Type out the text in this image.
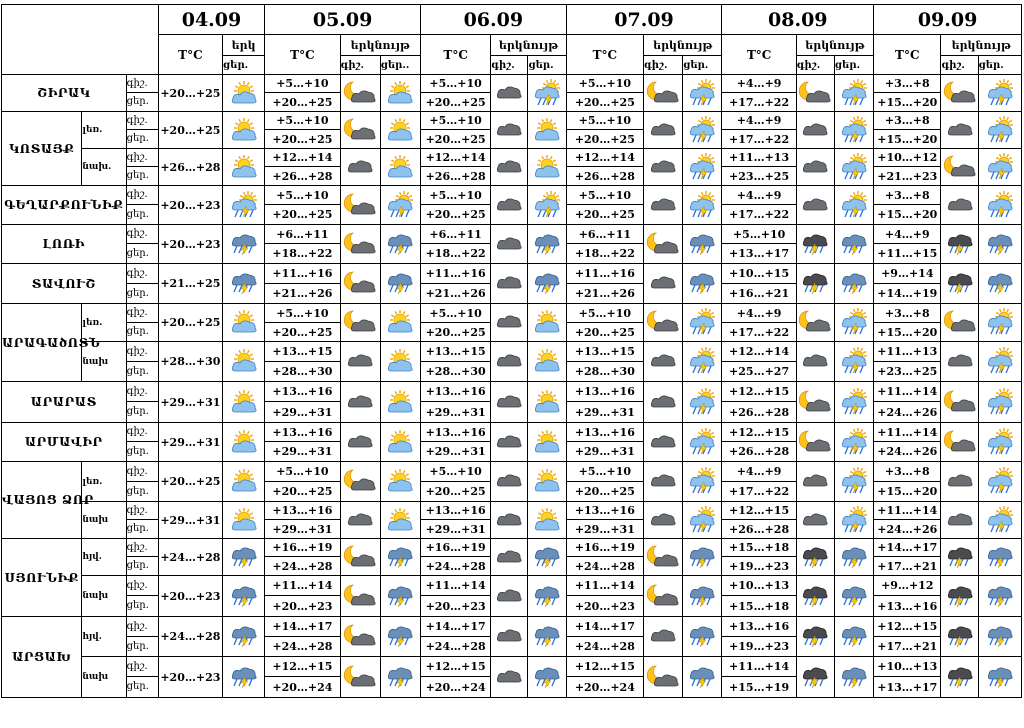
			04.09		05.09			06.09			07.09			08.09			09.09		
			T°C	երկ	T°C	երկնույթ		T°C	երկնույթ		T°C	երկնույթ		T°C	երկնույթ		T°C	երկնույթ	
				ցեր.		գիշ.	ցեր..		գիշ.	ցեր.		գիշ.	ցեր.		գիշ.	ցեր.		գիշ.	ցեր.
ՇԻՐԱԿ		գիշ.	+20…+25		+5…+10			+5…+10			+5…+10			+4…+9			+3…+8	

		ցեր.			+20…+25			+20…+25			+20…+25			+17…+22			+15…+20		
ԿՈՏԱՅՔ	լեռ.	գիշ.	+20…+25		+5…+10			+5…+10			+5…+10			+4…+9			+3…+8	

		ցեր.			+20…+25			+20…+25			+20…+25			+17…+22			+15…+20		
	նախ.	գիշ.	+26…+28		+12…+14			+12…+14			+12…+14			+11…+13			+10…+12	

		ցեր.			+26…+28			+26…+28			+26…+28			+23…+25			+21…+23		
ԳԵՂԱՐՔՈՒՆԻՔ		գիշ.	+20…+23		+5…+10			+5…+10			+5…+10			+4…+9			+3…+8	

		ցեր.			+20…+25			+20…+25			+20…+25			+17…+22			+15…+20		
ԼՈՌԻ		գիշ.	+20…+23		+6…+11			+6…+11			+6…+11			+5…+10			+4…+9	

		ցեր.			+18…+22			+18…+22			+18…+22			+13…+17			+11…+15		
ՏԱՎՈՒՇ		գիշ.	+21…+25		+11…+16			+11…+16			+11…+16			+10…+15			+9…+14	

		ցեր.			+21…+26			+21…+26			+21…+26			+16…+21			+14…+19		
ԱՐԱԳԱծՈՏՆ	լեռ.	գիշ.	+20…+25		+5…+10			+5…+10			+5…+10			+4…+9			+3…+8	

		ցեր.			+20…+25			+20…+25			+20…+25			+17…+22			+15…+20		
	նախ	գիշ.	+28…+30		+13…+15			+13…+15			+13…+15			+12…+14			+11…+13	

		ցեր.			+28…+30			+28…+30			+28…+30			+25…+27			+23…+25		
ԱՐԱՐԱՏ		գիշ.	+29…+31		+13…+16			+13…+16			+13…+16			+12…+15			+11…+14	

		ցեր.			+29…+31			+29…+31			+29…+31			+26…+28			+24…+26		
ԱՐՄԱՎԻՐ		գիշ.	+29…+31		+13…+16			+13…+16			+13…+16			+12…+15			+11…+14	

		ցեր.			+29…+31			+29…+31			+29…+31			+26…+28			+24…+26		
ՎԱՅՈՑ ՁՈՐ	լեռ.	գիշ.	+20…+25		+5…+10			+5…+10			+5…+10			+4…+9			+3…+8	

		ցեր.			+20…+25			+20…+25			+20…+25			+17…+22			+15…+20		
	նախ	գիշ.	+29…+31		+13…+16			+13…+16			+13…+16			+12…+15			+11…+14	

		ցեր.			+29…+31			+29…+31			+29…+31			+26…+28			+24…+26		
ՍՅՈՒՆԻՔ	հյվ.	գիշ.	+24…+28		+16…+19			+16…+19			+16…+19			+15…+18			+14…+17	

		ցեր.			+24…+28			+24…+28			+24…+28			+19…+23			+17…+21		
	նախ	գիշ.	+20…+23		+11…+14			+11…+14			+11…+14			+10…+13			+9…+12	

		ցեր.			+20…+23			+20…+23			+20…+23			+15…+18			+13…+16		
ԱՐՑԱԽ	հյվ.	գիշ.	+24…+28		+14…+17			+14…+17			+14…+17			+13…+16			+12…+15	

		ցեր.			+24…+28			+24…+28			+24…+28			+19…+23			+17…+21		
	նախ	գիշ.	+20…+23		+12…+15			+12…+15			+12…+15			+11…+14			+10…+13	

		ցեր.			+20…+24			+20…+24			+20…+24			+15…+19			+13…+17		
